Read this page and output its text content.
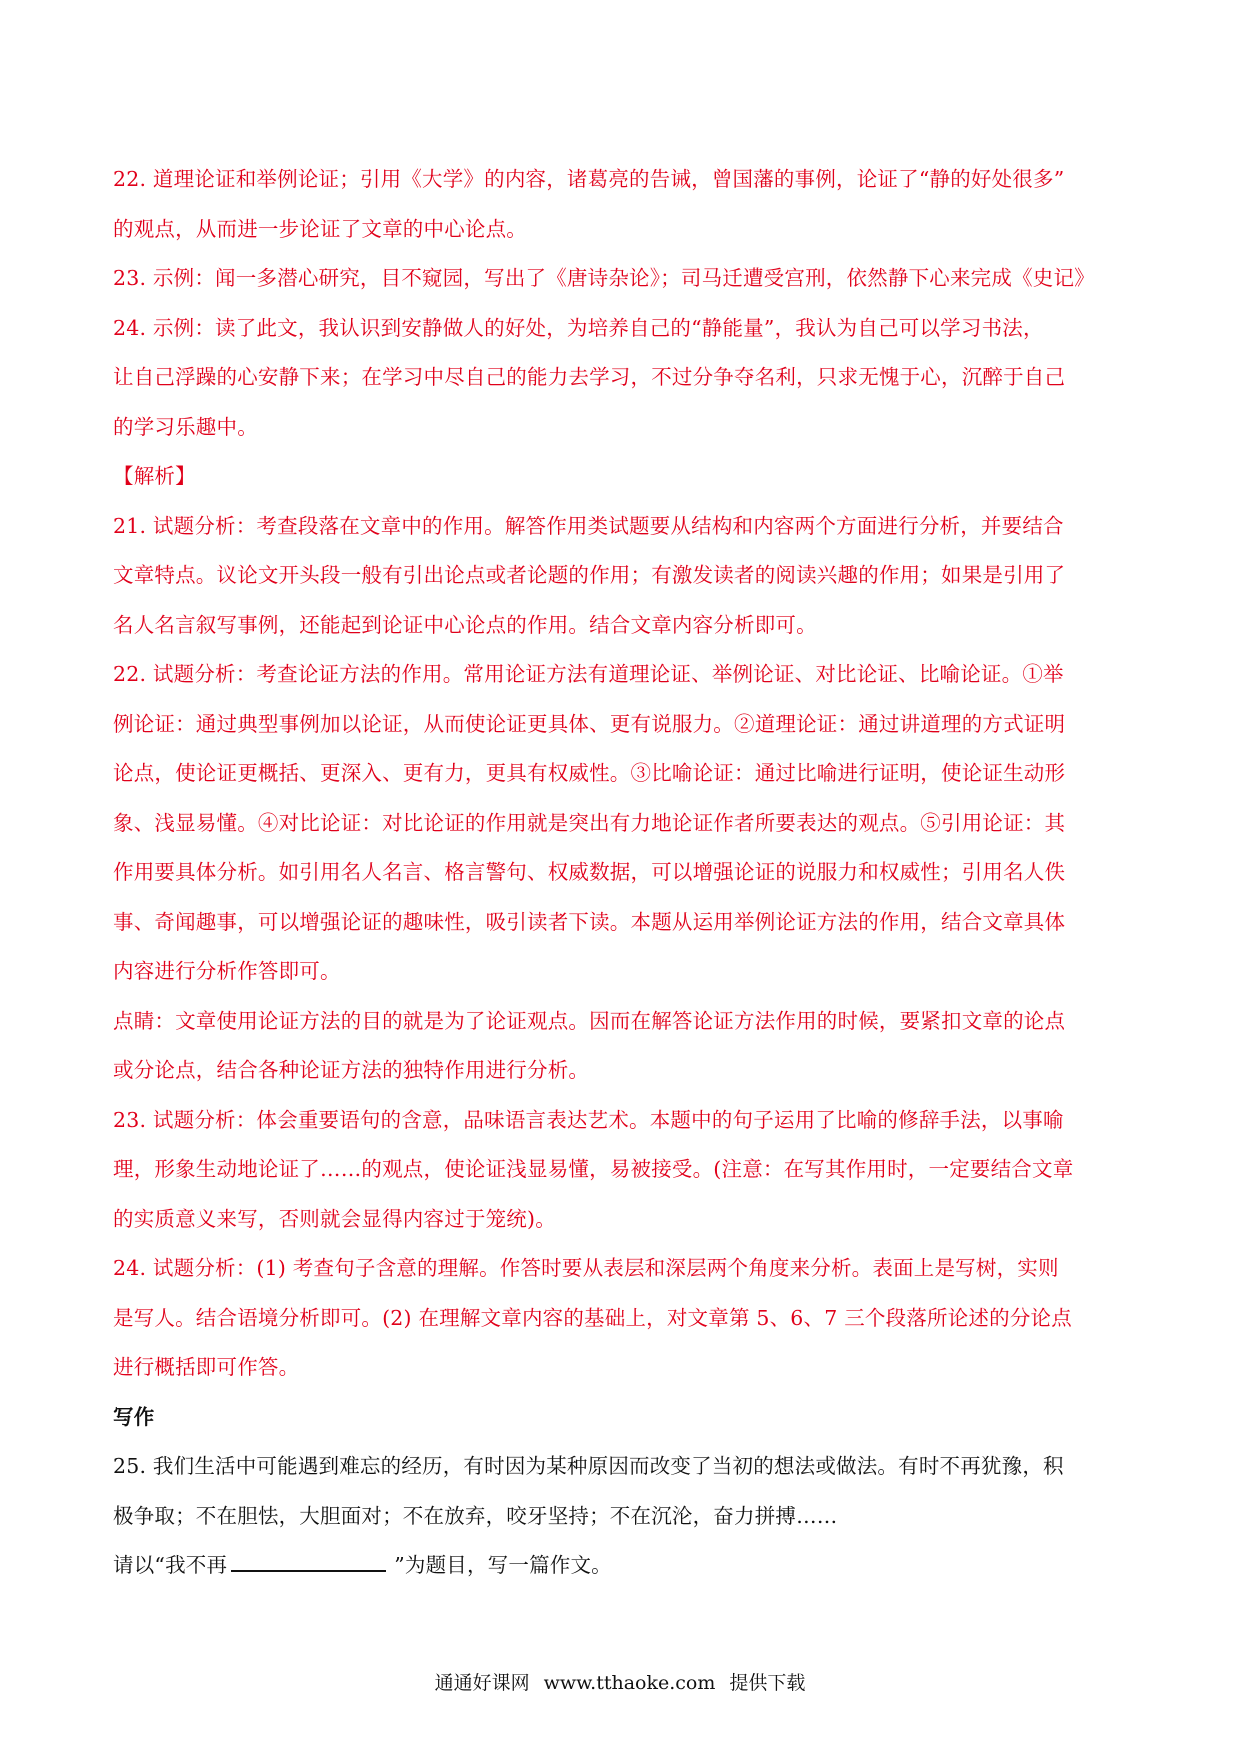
22. 道理论证和举例论证；引用《大学》的内容，诸葛亮的告诫，曾国藩的事例，论证了“静的好处很多”

的观点，从而进一步论证了文章的中心论点。

23. 示例：闻一多潜心研究，目不窥园，写出了《唐诗杂论》；司马迁遭受宫刑，依然静下心来完成《史记》

24. 示例：读了此文，我认识到安静做人的好处，为培养自己的“静能量”，我认为自己可以学习书法，

让自己浮躁的心安静下来；在学习中尽自己的能力去学习，不过分争夺名利，只求无愧于心，沉醉于自己

的学习乐趣中。

【解析】

21. 试题分析：考查段落在文章中的作用。解答作用类试题要从结构和内容两个方面进行分析，并要结合

文章特点。议论文开头段一般有引出论点或者论题的作用；有激发读者的阅读兴趣的作用；如果是引用了

名人名言叙写事例，还能起到论证中心论点的作用。结合文章内容分析即可。

22. 试题分析：考查论证方法的作用。常用论证方法有道理论证、举例论证、对比论证、比喻论证。①举

例论证：通过典型事例加以论证，从而使论证更具体、更有说服力。②道理论证：通过讲道理的方式证明

论点，使论证更概括、更深入、更有力，更具有权威性。③比喻论证：通过比喻进行证明，使论证生动形

象、浅显易懂。④对比论证：对比论证的作用就是突出有力地论证作者所要表达的观点。⑤引用论证：其

作用要具体分析。如引用名人名言、格言警句、权威数据，可以增强论证的说服力和权威性；引用名人佚

事、奇闻趣事，可以增强论证的趣味性，吸引读者下读。本题从运用举例论证方法的作用，结合文章具体

内容进行分析作答即可。

点睛：文章使用论证方法的目的就是为了论证观点。因而在解答论证方法作用的时候，要紧扣文章的论点

或分论点，结合各种论证方法的独特作用进行分析。

23. 试题分析：体会重要语句的含意，品味语言表达艺术。本题中的句子运用了比喻的修辞手法，以事喻

理，形象生动地论证了……的观点，使论证浅显易懂，易被接受。(注意：在写其作用时，一定要结合文章

的实质意义来写，否则就会显得内容过于笼统)。

24. 试题分析：(1) 考查句子含意的理解。作答时要从表层和深层两个角度来分析。表面上是写树，实则

是写人。结合语境分析即可。(2) 在理解文章内容的基础上，对文章第 5、6、7 三个段落所论述的分论点

进行概括即可作答。

写作

25. 我们生活中可能遇到难忘的经历，有时因为某种原因而改变了当初的想法或做法。有时不再犹豫，积

极争取；不在胆怯，大胆面对；不在放弃，咬牙坚持；不在沉沦，奋力拼搏……

请以“我不再	”为题目，写一篇作文。

通通好课网 www.tthaoke.com 提供下载
